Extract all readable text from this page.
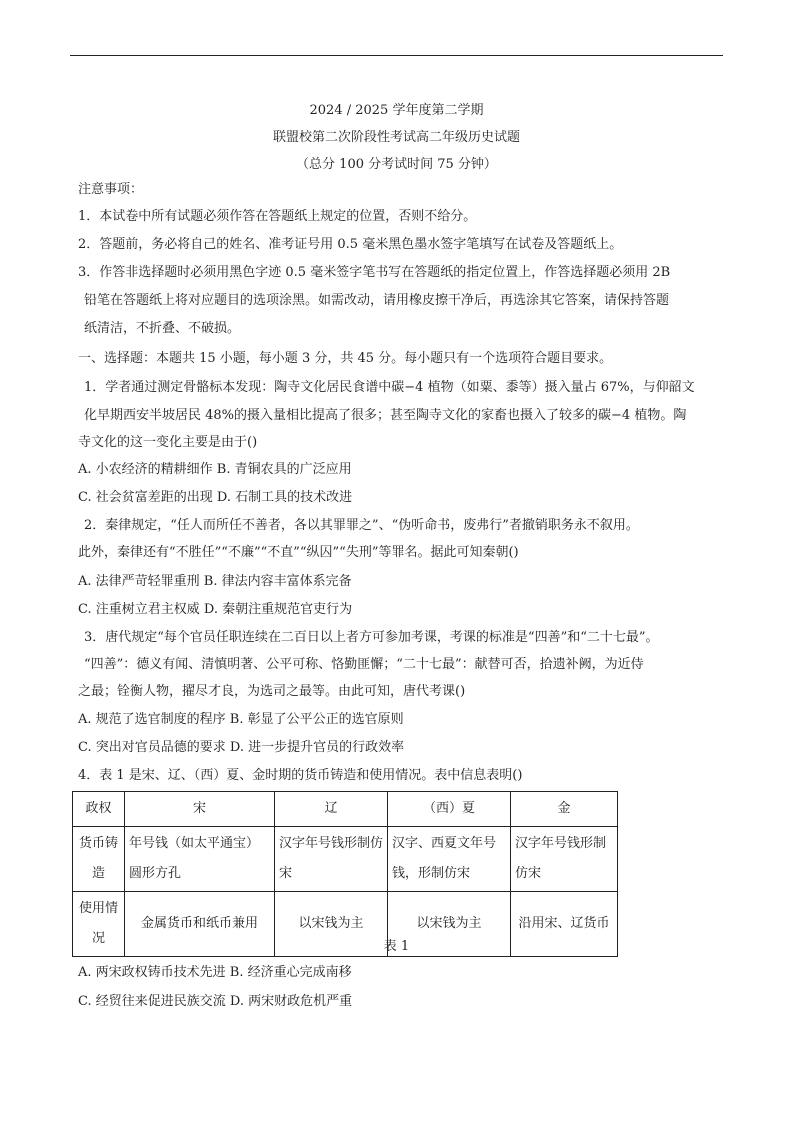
2024 / 2025 学年度第二学期
联盟校第二次阶段性考试高二年级历史试题
（总分 100 分考试时间 75 分钟）
注意事项：
1．本试卷中所有试题必须作答在答题纸上规定的位置，否则不给分。
2．答题前，务必将自己的姓名、准考证号用 0.5 毫米黑色墨水签字笔填写在试卷及答题纸上。
3．作答非选择题时必须用黑色字迹 0.5 毫米签字笔书写在答题纸的指定位置上，作答选择题必须用 2B
铅笔在答题纸上将对应题目的选项涂黑。如需改动，请用橡皮擦干净后，再选涂其它答案，请保持答题
纸清洁，不折叠、不破损。
一、选择题：本题共 15 小题，每小题 3 分，共 45 分。每小题只有一个选项符合题目要求。
1．学者通过测定骨骼标本发现：陶寺文化居民食谱中碳−4 植物（如粟、黍等）摄入量占 67%，与仰韶文
化早期西安半坡居民 48%的摄入量相比提高了很多；甚至陶寺文化的家畜也摄入了较多的碳−4 植物。陶
寺文化的这一变化主要是由于()
A. 小农经济的精耕细作 B. 青铜农具的广泛应用
C. 社会贫富差距的出现 D. 石制工具的技术改进
2．秦律规定，“任人而所任不善者，各以其罪罪之”、“伪听命书，废弗行”者撤销职务永不叙用。
此外，秦律还有“不胜任”“不廉”“不直”“纵囚”“失刑”等罪名。据此可知秦朝()
A. 法律严苛轻罪重刑 B. 律法内容丰富体系完备
C. 注重树立君主权威 D. 秦朝注重规范官吏行为
3．唐代规定“每个官员任职连续在二百日以上者方可参加考课，考课的标准是“四善”和“二十七最”。
“四善”：德义有闻、清慎明著、公平可称、恪勤匪懈；“二十七最”：献替可否，拾遗补阙，为近侍
之最；铨衡人物，擢尽才良，为选司之最等。由此可知，唐代考课()
A. 规范了选官制度的程序 B. 彰显了公平公正的选官原则
C. 突出对官员品德的要求 D. 进一步提升官员的行政效率
4．表 1 是宋、辽、（西）夏、金时期的货币铸造和使用情况。表中信息表明()
政权	宋	辽	（西）夏	金
货币铸造	年号钱（如太平通宝）圆形方孔	汉字年号钱形制仿宋	汉字、西夏文年号钱，形制仿宋	汉字年号钱形制仿宋
使用情况	金属货币和纸币兼用	以宋钱为主	以宋钱为主	沿用宋、辽货币
表 1
A. 两宋政权铸币技术先进 B. 经济重心完成南移
C. 经贸往来促进民族交流 D. 两宋财政危机严重
